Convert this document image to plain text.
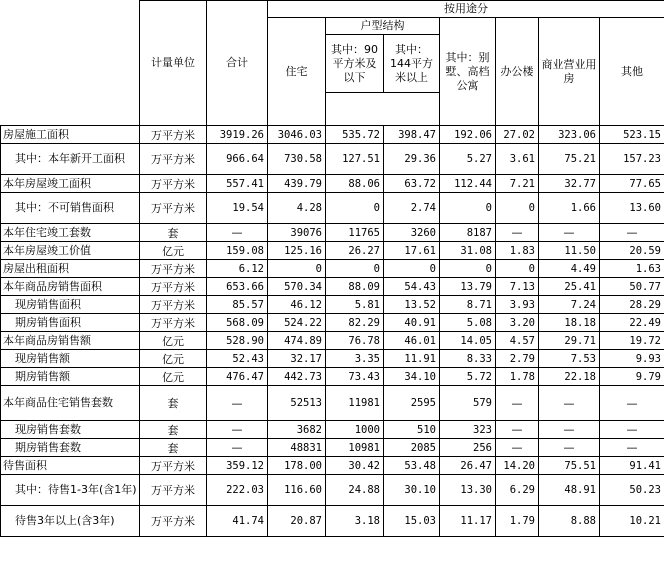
	计量单位	合计	按用途分						
			住宅	户型结构		其中：别墅、高档公寓	办公楼	商业营业用房	其他
				其中：90平方米及以下	其中：144平方米以上				

房屋施工面积	万平方米	3919.26	3046.03	535.72	398.47	192.06	27.02	323.06	523.15
其中：本年新开工面积	万平方米	966.64	730.58	127.51	29.36	5.27	3.61	75.21	157.23
本年房屋竣工面积	万平方米	557.41	439.79	88.06	63.72	112.44	7.21	32.77	77.65
其中：不可销售面积	万平方米	19.54	4.28	0	2.74	0	0	1.66	13.60
本年住宅竣工套数	套	—	39076	11765	3260	8187	—	—	—
本年房屋竣工价值	亿元	159.08	125.16	26.27	17.61	31.08	1.83	11.50	20.59
房屋出租面积	万平方米	6.12	0	0	0	0	0	4.49	1.63
本年商品房销售面积	万平方米	653.66	570.34	88.09	54.43	13.79	7.13	25.41	50.77
现房销售面积	万平方米	85.57	46.12	5.81	13.52	8.71	3.93	7.24	28.29
期房销售面积	万平方米	568.09	524.22	82.29	40.91	5.08	3.20	18.18	22.49
本年商品房销售额	亿元	528.90	474.89	76.78	46.01	14.05	4.57	29.71	19.72
现房销售额	亿元	52.43	32.17	3.35	11.91	8.33	2.79	7.53	9.93
期房销售额	亿元	476.47	442.73	73.43	34.10	5.72	1.78	22.18	9.79
本年商品住宅销售套数	套	—	52513	11981	2595	579	—	—	—
现房销售套数	套	—	3682	1000	510	323	—	—	—
期房销售套数	套	—	48831	10981	2085	256	—	—	—
待售面积	万平方米	359.12	178.00	30.42	53.48	26.47	14.20	75.51	91.41
其中：待售1-3年(含1年)	万平方米	222.03	116.60	24.88	30.10	13.30	6.29	48.91	50.23
待售3年以上(含3年)	万平方米	41.74	20.87	3.18	15.03	11.17	1.79	8.88	10.21
